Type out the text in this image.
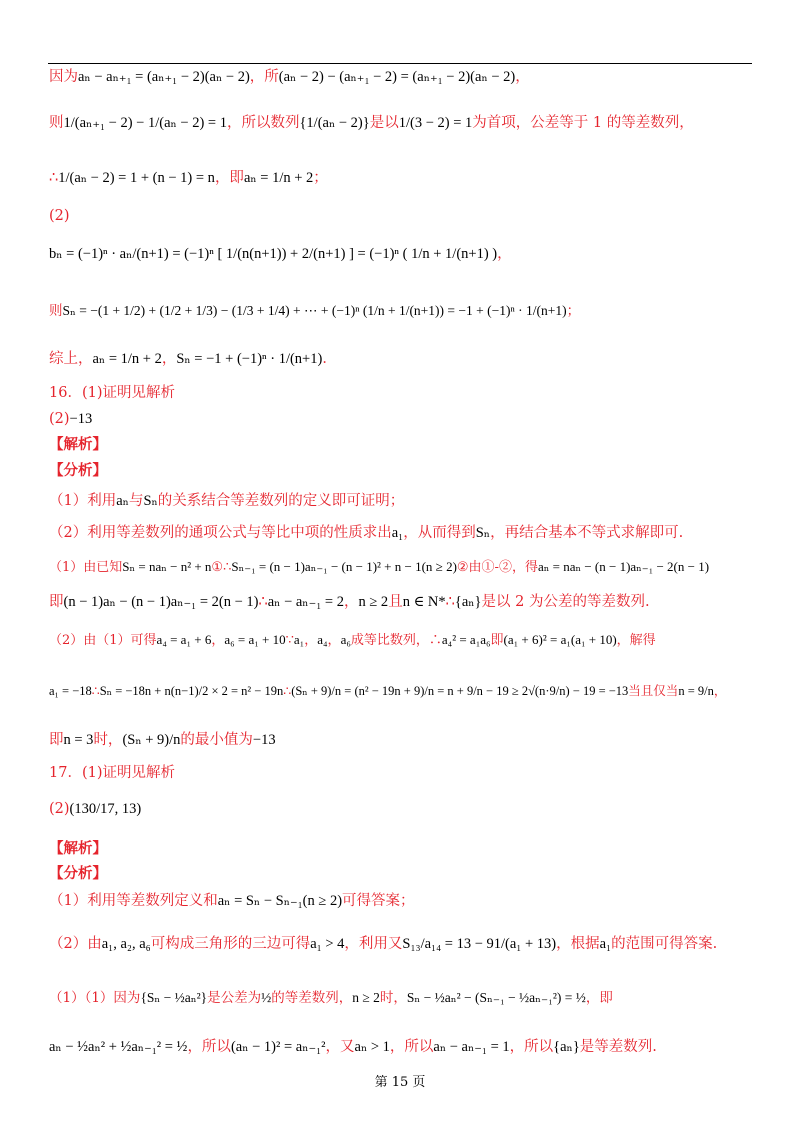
因为aₙ − aₙ₊₁ = (aₙ₊₁ − 2)(aₙ − 2)，所(aₙ − 2) − (aₙ₊₁ − 2) = (aₙ₊₁ − 2)(aₙ − 2)，
则1/(aₙ₊₁ − 2) − 1/(aₙ − 2) = 1，所以数列{1/(aₙ − 2)}是以1/(3 − 2) = 1为首项，公差等于 1 的等差数列，
∴1/(aₙ − 2) = 1 + (n − 1) = n，即aₙ = 1/n + 2；
(2)
bₙ = (−1)ⁿ · aₙ/(n+1) = (−1)ⁿ [ 1/(n(n+1)) + 2/(n+1) ] = (−1)ⁿ ( 1/n + 1/(n+1) )，
则Sₙ = −(1 + 1/2) + (1/2 + 1/3) − (1/3 + 1/4) + ⋯ + (−1)ⁿ (1/n + 1/(n+1)) = −1 + (−1)ⁿ · 1/(n+1)；
综上，aₙ = 1/n + 2，Sₙ = −1 + (−1)ⁿ · 1/(n+1)．
16．(1)证明见解析
(2)−13
【解析】
【分析】
（1）利用aₙ与Sₙ的关系结合等差数列的定义即可证明；
（2）利用等差数列的通项公式与等比中项的性质求出a₁，从而得到Sₙ，再结合基本不等式求解即可.
（1）由已知Sₙ = naₙ − n² + n①∴Sₙ₋₁ = (n − 1)aₙ₋₁ − (n − 1)² + n − 1(n ≥ 2)②由①-②，得aₙ = naₙ − (n − 1)aₙ₋₁ − 2(n − 1)
即(n − 1)aₙ − (n − 1)aₙ₋₁ = 2(n − 1)∴aₙ − aₙ₋₁ = 2，n ≥ 2且n ∈ N*∴{aₙ}是以 2 为公差的等差数列.
（2）由（1）可得a₄ = a₁ + 6，a₆ = a₁ + 10∵a₁，a₄，a₆成等比数列，∴a₄² = a₁a₆即(a₁ + 6)² = a₁(a₁ + 10)，解得
a₁ = −18∴Sₙ = −18n + n(n−1)/2 × 2 = n² − 19n∴(Sₙ + 9)/n = (n² − 19n + 9)/n = n + 9/n − 19 ≥ 2√(n·9/n) − 19 = −13当且仅当n = 9/n，
即n = 3时，(Sₙ + 9)/n的最小值为−13
17．(1)证明见解析
(2)(130/17, 13)
【解析】
【分析】
（1）利用等差数列定义和aₙ = Sₙ − Sₙ₋₁(n ≥ 2)可得答案；
（2）由a₁, a₂, a₆可构成三角形的三边可得a₁ > 4，利用又S₁₃/a₁₄ = 13 − 91/(a₁ + 13)，根据a₁的范围可得答案.
（1）（1）因为{Sₙ − ½aₙ²}是公差为½的等差数列，n ≥ 2时，Sₙ − ½aₙ² − (Sₙ₋₁ − ½aₙ₋₁²) = ½，即
aₙ − ½aₙ² + ½aₙ₋₁² = ½，所以(aₙ − 1)² = aₙ₋₁²，又aₙ > 1，所以aₙ − aₙ₋₁ = 1，所以{aₙ}是等差数列.
第 15 页
